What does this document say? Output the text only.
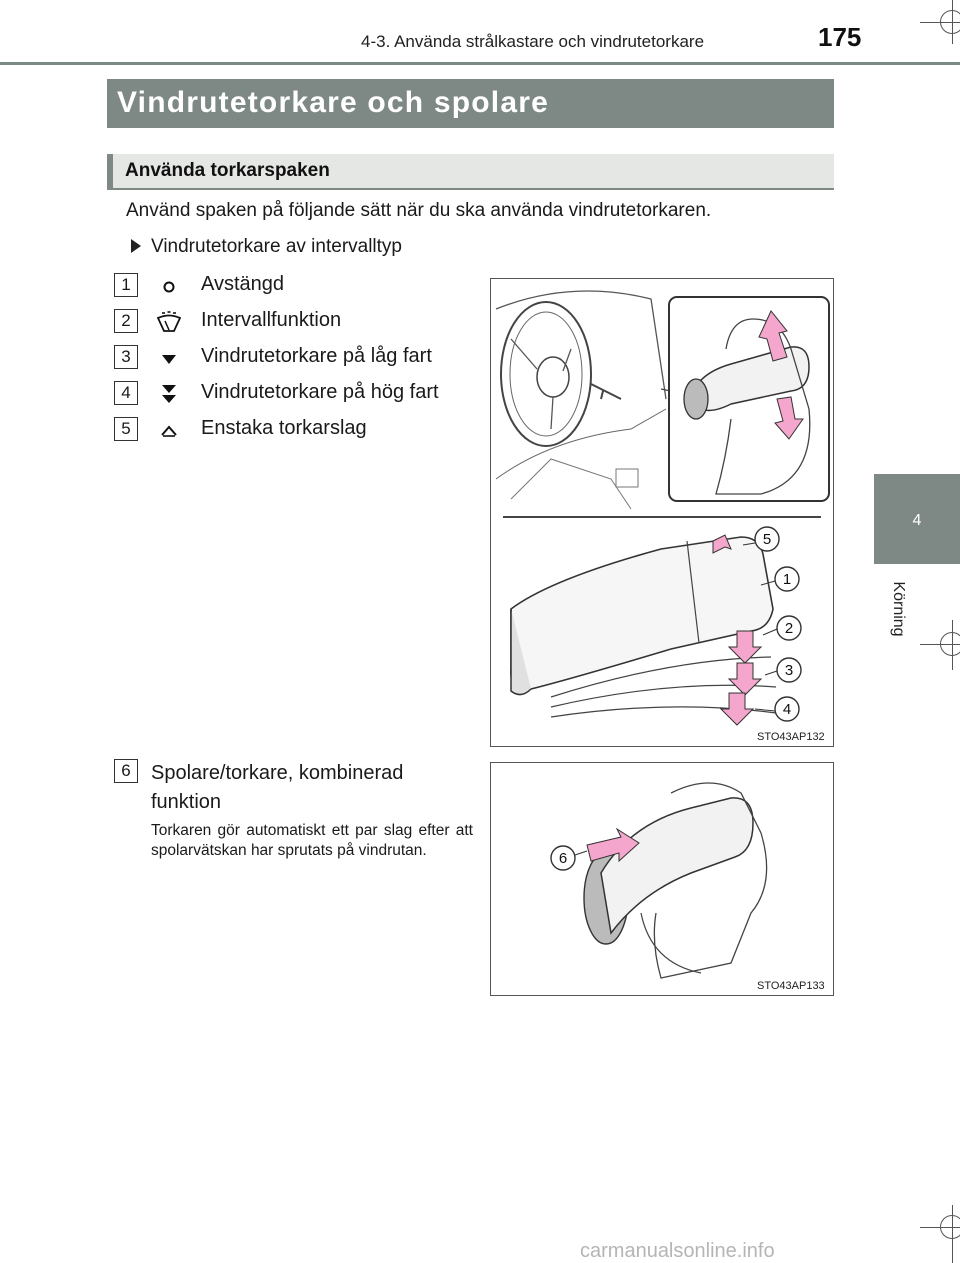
4-3. Använda strålkastare och vindrutetorkare	175
Vindrutetorkare och spolare
Använda torkarspaken

Använd spaken på följande sätt när du ska använda vindrutetorkaren.

Vindrutetorkare av intervalltyp
1	Avstängd
2	Intervallfunktion
3	Vindrutetorkare på låg fart
4	Vindrutetorkare på hög fart
5	Enstaka torkarslag
5
1
2
3
4
STO43AP132
6	Spolare/torkare, kombinerad funktion

Torkaren gör automatiskt ett par slag efter att spolarvätskan har sprutats på vindrutan.	6
STO43AP133
4
Körning
carmanualsonline.info
